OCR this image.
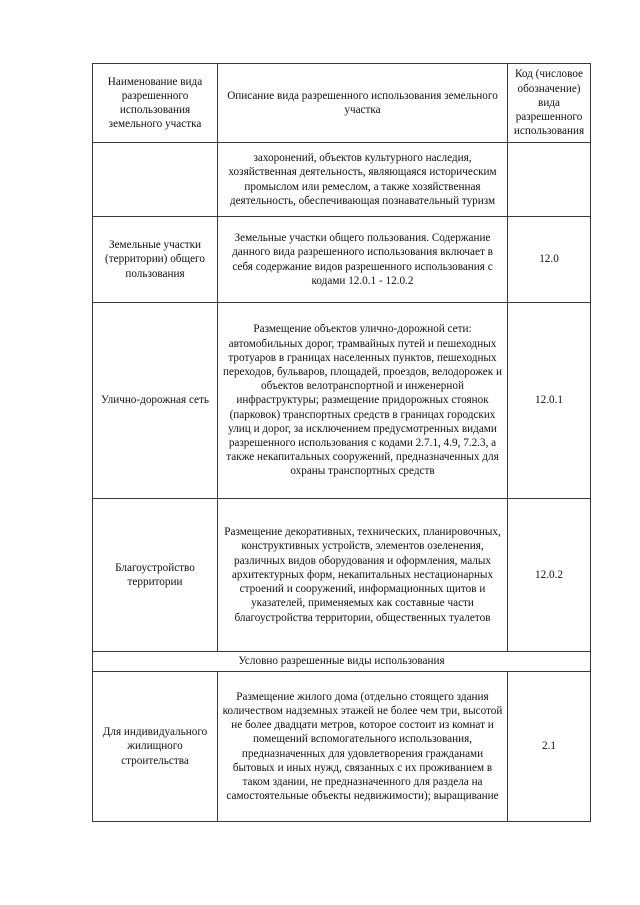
Наименование вида разрешенного использования земельного участка	Описание вида разрешенного использования земельного участка	Код (числовое обозначение) вида разрешенного использования
	захоронений, объектов культурного наследия, хозяйственная деятельность, являющаяся историческим промыслом или ремеслом, а также хозяйственная деятельность, обеспечивающая познавательный туризм	
Земельные участки (территории) общего пользования	Земельные участки общего пользования. Содержание данного вида разрешенного использования включает в себя содержание видов разрешенного использования с кодами 12.0.1 - 12.0.2	12.0
Улично-дорожная сеть	Размещение объектов улично-дорожной сети: автомобильных дорог, трамвайных путей и пешеходных тротуаров в границах населенных пунктов, пешеходных переходов, бульваров, площадей, проездов, велодорожек и объектов велотранспортной и инженерной инфраструктуры; размещение придорожных стоянок (парковок) транспортных средств в границах городских улиц и дорог, за исключением предусмотренных видами разрешенного использования с кодами 2.7.1, 4.9, 7.2.3, а также некапитальных сооружений, предназначенных для охраны транспортных средств	12.0.1
Благоустройство территории	Размещение декоративных, технических, планировочных, конструктивных устройств, элементов озеленения, различных видов оборудования и оформления, малых архитектурных форм, некапитальных нестационарных строений и сооружений, информационных щитов и указателей, применяемых как составные части благоустройства территории, общественных туалетов	12.0.2
Условно разрешенные виды использования		
Для индивидуального жилищного строительства	Размещение жилого дома (отдельно стоящего здания количеством надземных этажей не более чем три, высотой не более двадцати метров, которое состоит из комнат и помещений вспомогательного использования, предназначенных для удовлетворения гражданами бытовых и иных нужд, связанных с их проживанием в таком здании, не предназначенного для раздела на самостоятельные объекты недвижимости); выращивание	2.1
